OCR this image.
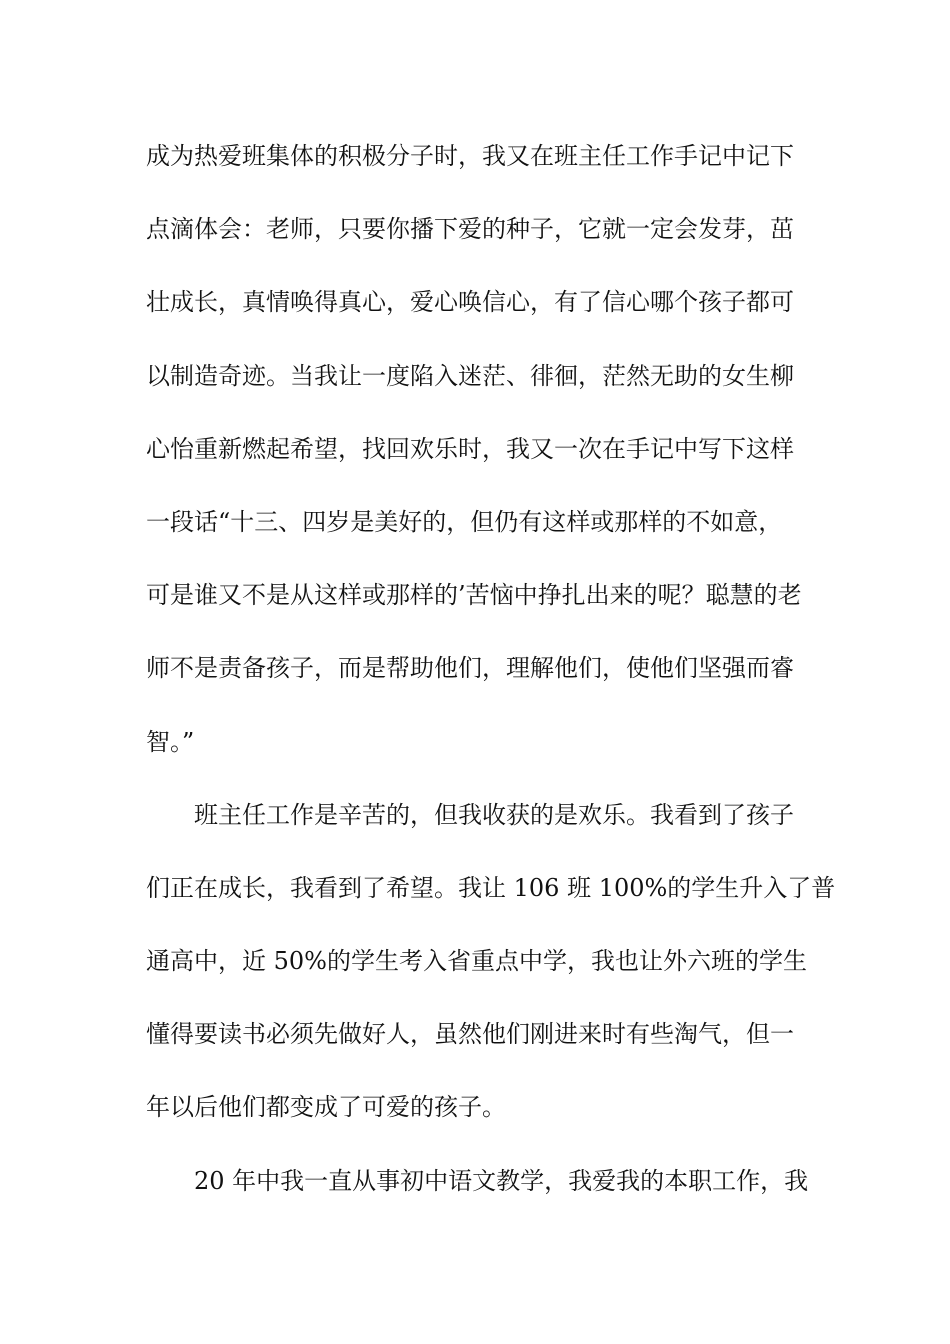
成为热爱班集体的积极分子时，我又在班主任工作手记中记下
点滴体会：老师，只要你播下爱的种子，它就一定会发芽，茁
壮成长，真情唤得真心，爱心唤信心，有了信心哪个孩子都可
以制造奇迹。当我让一度陷入迷茫、徘徊，茫然无助的女生柳
心怡重新燃起希望，找回欢乐时，我又一次在手记中写下这样
一段话“十三、四岁是美好的，但仍有这样或那样的不如意，
可是谁又不是从这样或那样的’苦恼中挣扎出来的呢？聪慧的老
师不是责备孩子，而是帮助他们，理解他们，使他们坚强而睿
智。”
班主任工作是辛苦的，但我收获的是欢乐。我看到了孩子
们正在成长，我看到了希望。我让 106 班 100%的学生升入了普
通高中，近 50%的学生考入省重点中学，我也让外六班的学生
懂得要读书必须先做好人，虽然他们刚进来时有些淘气，但一
年以后他们都变成了可爱的孩子。
20 年中我一直从事初中语文教学，我爱我的本职工作，我
